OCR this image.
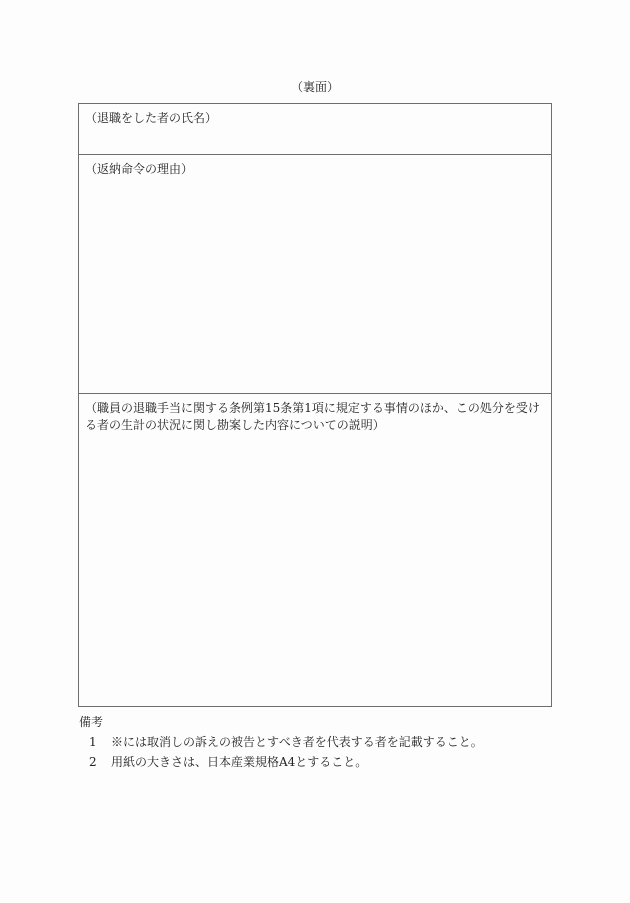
（裏面）
（退職をした者の氏名）
（返納命令の理由）
（職員の退職手当に関する条例第15条第1項に規定する事情のほか、この処分を受ける者の生計の状況に関し勘案した内容についての説明）
備考
1	※には取消しの訴えの被告とすべき者を代表する者を記載すること。
2	用紙の大きさは、日本産業規格A4とすること。
